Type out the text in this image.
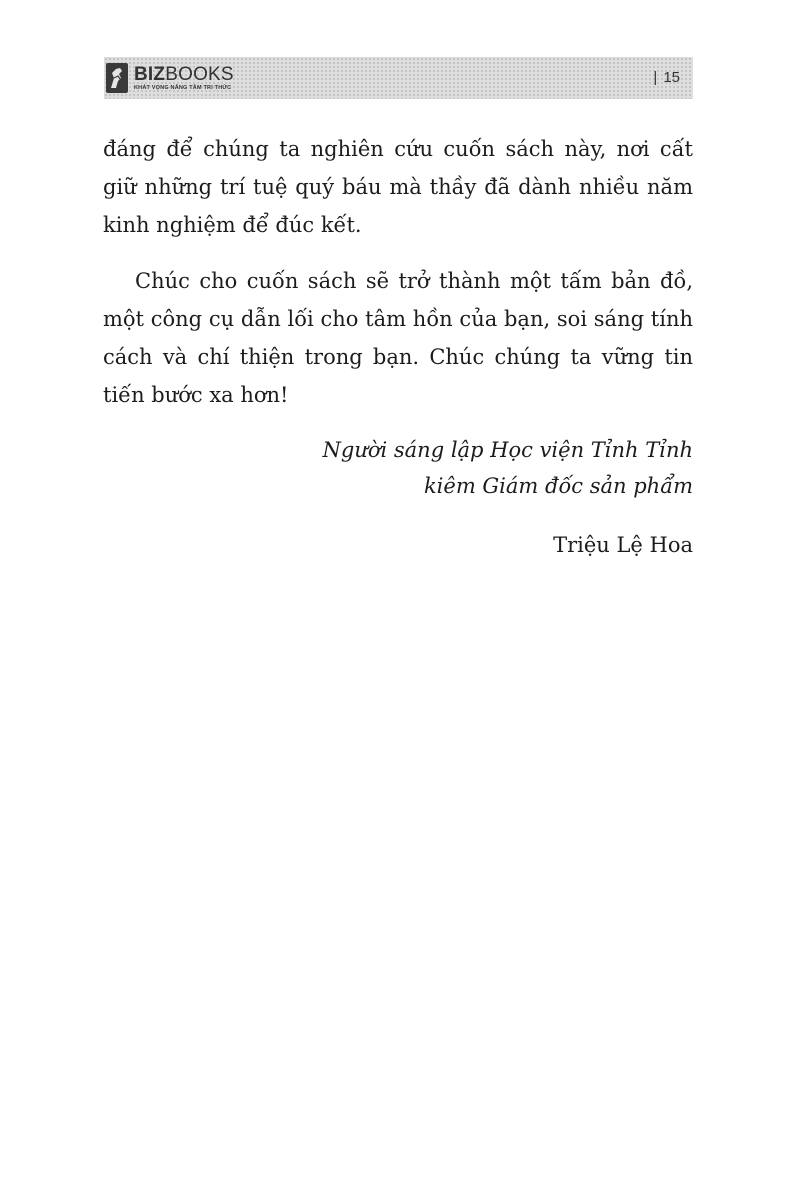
BIZBOOKS
KHÁT VỌNG NÂNG TẦM TRI THỨC
| 15

đáng để chúng ta nghiên cứu cuốn sách này, nơi cất giữ những trí tuệ quý báu mà thầy đã dành nhiều năm kinh nghiệm để đúc kết.

Chúc cho cuốn sách sẽ trở thành một tấm bản đồ, một công cụ dẫn lối cho tâm hồn của bạn, soi sáng tính cách và chí thiện trong bạn. Chúc chúng ta vững tin tiến bước xa hơn!

Người sáng lập Học viện Tỉnh Tỉnh
kiêm Giám đốc sản phẩm
Triệu Lệ Hoa
